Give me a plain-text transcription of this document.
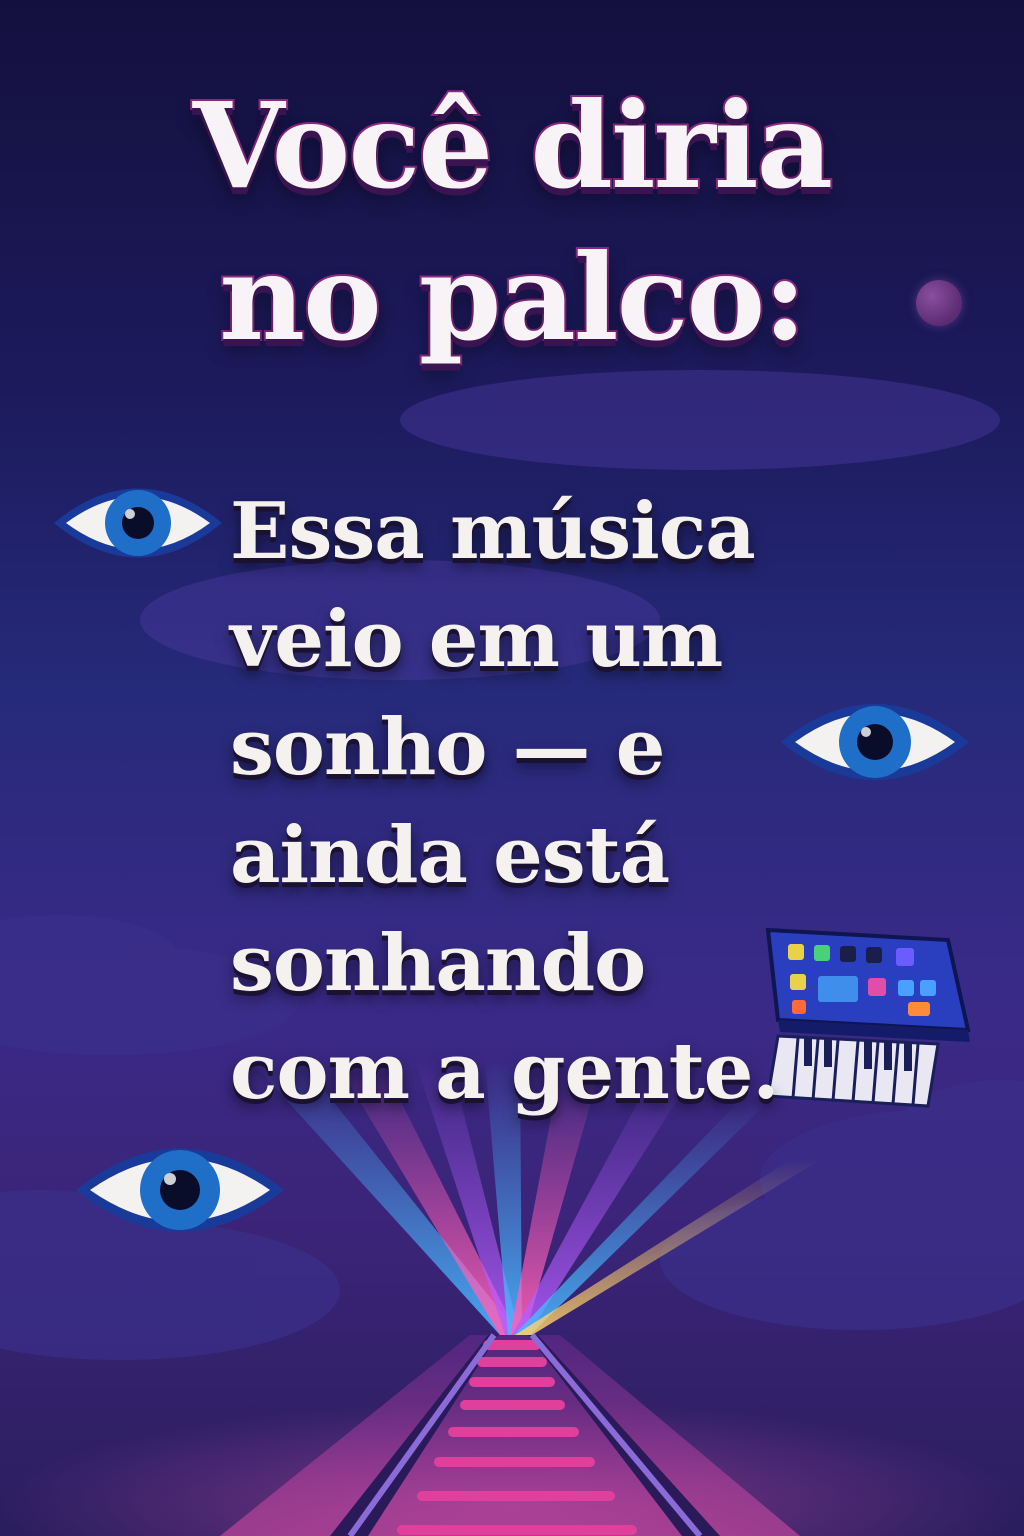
Você diria
no palco:
Essa música
veio em um
sonho — e
ainda está
sonhando
com a gente.
